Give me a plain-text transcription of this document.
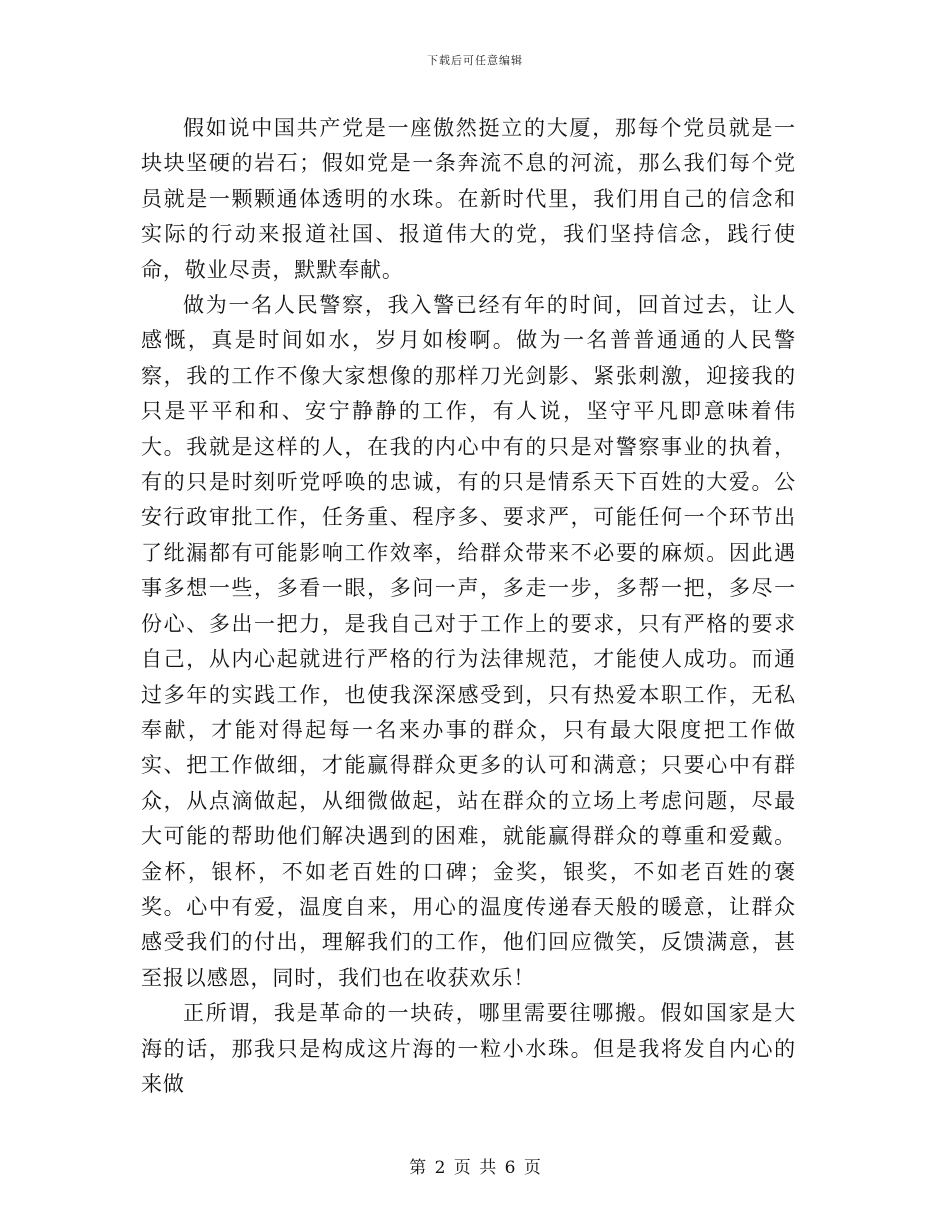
下载后可任意编辑

假如说中国共产党是一座傲然挺立的大厦，那每个党员就是一块块坚硬的岩石；假如党是一条奔流不息的河流，那么我们每个党员就是一颗颗通体透明的水珠。在新时代里，我们用自己的信念和实际的行动来报道社国、报道伟大的党，我们坚持信念，践行使命，敬业尽责，默默奉献。

做为一名人民警察，我入警已经有年的时间，回首过去，让人感慨，真是时间如水，岁月如梭啊。做为一名普普通通的人民警察，我的工作不像大家想像的那样刀光剑影、紧张刺激，迎接我的只是平平和和、安宁静静的工作，有人说，坚守平凡即意味着伟大。我就是这样的人，在我的内心中有的只是对警察事业的执着，有的只是时刻听党呼唤的忠诚，有的只是情系天下百姓的大爱。公安行政审批工作，任务重、程序多、要求严，可能任何一个环节出了纰漏都有可能影响工作效率，给群众带来不必要的麻烦。因此遇事多想一些，多看一眼，多问一声，多走一步，多帮一把，多尽一份心、多出一把力，是我自己对于工作上的要求，只有严格的要求自己，从内心起就进行严格的行为法律规范，才能使人成功。而通过多年的实践工作，也使我深深感受到，只有热爱本职工作，无私奉献，才能对得起每一名来办事的群众，只有最大限度把工作做实、把工作做细，才能赢得群众更多的认可和满意；只要心中有群众，从点滴做起，从细微做起，站在群众的立场上考虑问题，尽最大可能的帮助他们解决遇到的困难，就能赢得群众的尊重和爱戴。金杯，银杯，不如老百姓的口碑；金奖，银奖，不如老百姓的褒奖。心中有爱，温度自来，用心的温度传递春天般的暖意，让群众感受我们的付出，理解我们的工作，他们回应微笑，反馈满意，甚至报以感恩，同时，我们也在收获欢乐！

正所谓，我是革命的一块砖，哪里需要往哪搬。假如国家是大海的话，那我只是构成这片海的一粒小水珠。但是我将发自内心的来做

第 2 页 共 6 页
